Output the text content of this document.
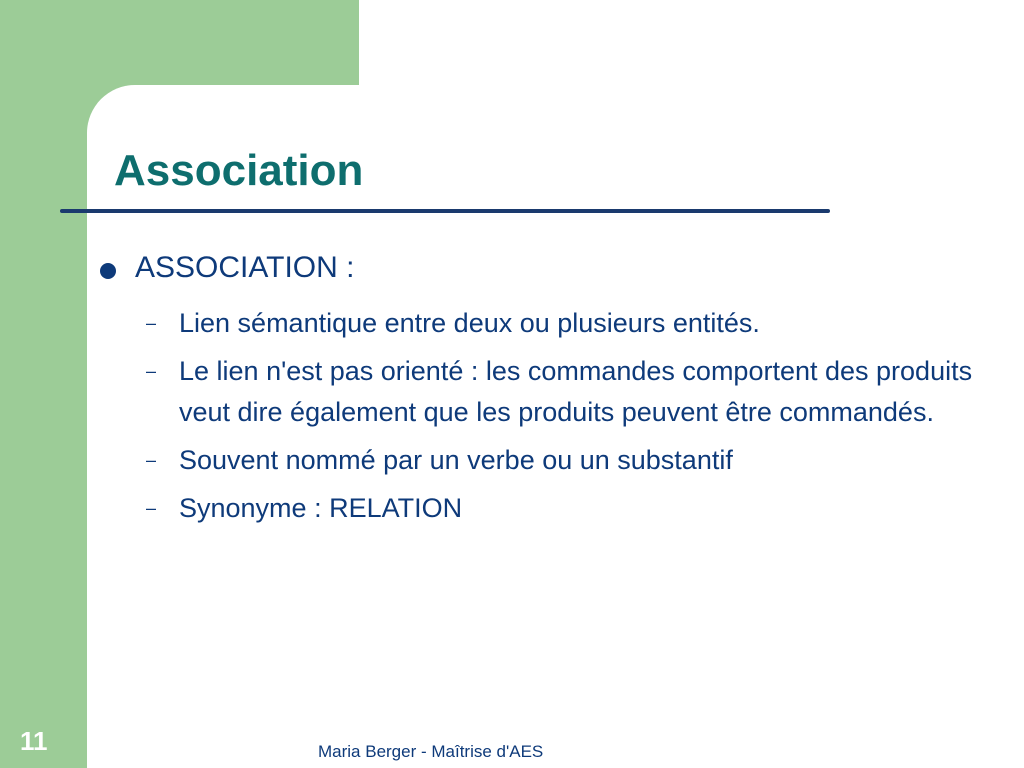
Association
ASSOCIATION :
– Lien sémantique entre deux ou plusieurs entités.
– Le lien n'est pas orienté : les commandes comportent des produits veut dire également que les produits peuvent être commandés.
– Souvent nommé par un verbe ou un substantif
– Synonyme : RELATION
11	Maria Berger - Maîtrise d'AES
